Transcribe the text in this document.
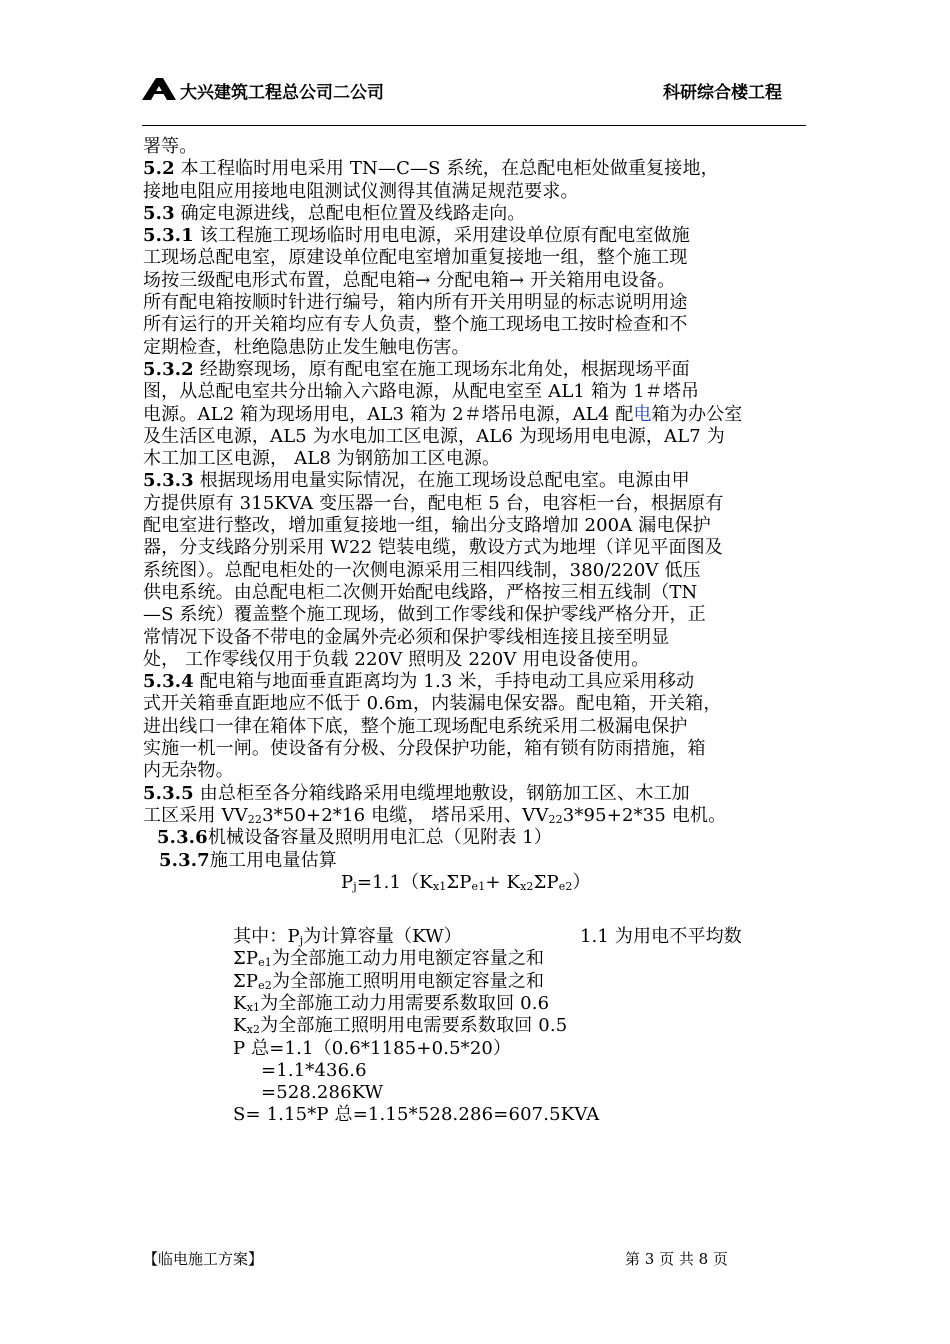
大兴建筑工程总公司二公司	科研综合楼工程
署等。
5.2 本工程临时用电采用 TN—C—S 系统，在总配电柜处做重复接地，
接地电阻应用接地电阻测试仪测得其值满足规范要求。
5.3 确定电源进线，总配电柜位置及线路走向。
5.3.1 该工程施工现场临时用电电源，采用建设单位原有配电室做施
工现场总配电室，原建设单位配电室增加重复接地一组，整个施工现
场按三级配电形式布置，总配电箱→ 分配电箱→ 开关箱用电设备。
所有配电箱按顺时针进行编号，箱内所有开关用明显的标志说明用途
所有运行的开关箱均应有专人负责，整个施工现场电工按时检查和不
定期检查，杜绝隐患防止发生触电伤害。
5.3.2 经勘察现场，原有配电室在施工现场东北角处，根据现场平面
图，从总配电室共分出输入六路电源，从配电室至 AL1 箱为 1＃塔吊
电源。AL2 箱为现场用电，AL3 箱为 2＃塔吊电源，AL4 配电箱为办公室
及生活区电源，AL5 为水电加工区电源，AL6 为现场用电电源，AL7 为
木工加工区电源， AL8 为钢筋加工区电源。
5.3.3 根据现场用电量实际情况，在施工现场设总配电室。电源由甲
方提供原有 315KVA 变压器一台，配电柜 5 台，电容柜一台，根据原有
配电室进行整改，增加重复接地一组，输出分支路增加 200A 漏电保护
器，分支线路分别采用 W22 铠装电缆，敷设方式为地埋（详见平面图及
系统图）。总配电柜处的一次侧电源采用三相四线制，380/220V 低压
供电系统。由总配电柜二次侧开始配电线路，严格按三相五线制（TN
—S 系统）覆盖整个施工现场，做到工作零线和保护零线严格分开，正
常情况下设备不带电的金属外壳必须和保护零线相连接且接至明显
处， 工作零线仅用于负载 220V 照明及 220V 用电设备使用。
5.3.4 配电箱与地面垂直距离均为 1.3 米，手持电动工具应采用移动
式开关箱垂直距地应不低于 0.6m，内装漏电保安器。配电箱，开关箱，
进出线口一律在箱体下底，整个施工现场配电系统采用二极漏电保护
实施一机一闸。使设备有分极、分段保护功能，箱有锁有防雨措施，箱
内无杂物。
5.3.5 由总柜至各分箱线路采用电缆埋地敷设，钢筋加工区、木工加
工区采用 $VV_{22}3*50+2*16$ 电缆， 塔吊采用、$VV_{22}3*95+2*35$ 电机。
5.3.6机械设备容量及照明用电汇总（见附表 1）
5.3.7施工用电量估算
$P_j=1.1(K_{x1}\Sigma P_{e1}+ K_{x2}\Sigma P_{e2})$
其中：$P_j$为计算容量（KW）	1.1 为用电不平均数
$\Sigma P_{e1}$为全部施工动力用电额定容量之和
$\Sigma P_{e2}$为全部施工照明用电额定容量之和
$K_{x1}$为全部施工动力用需要系数取回 0.6
$K_{x2}$为全部施工照明用电需要系数取回 0.5
P 总=1.1（0.6*1185+0.5*20）
=1.1*436.6
=528.286KW
S= 1.15*P 总=1.15*528.286=607.5KVA
【临电施工方案】	第 3 页 共 8 页
